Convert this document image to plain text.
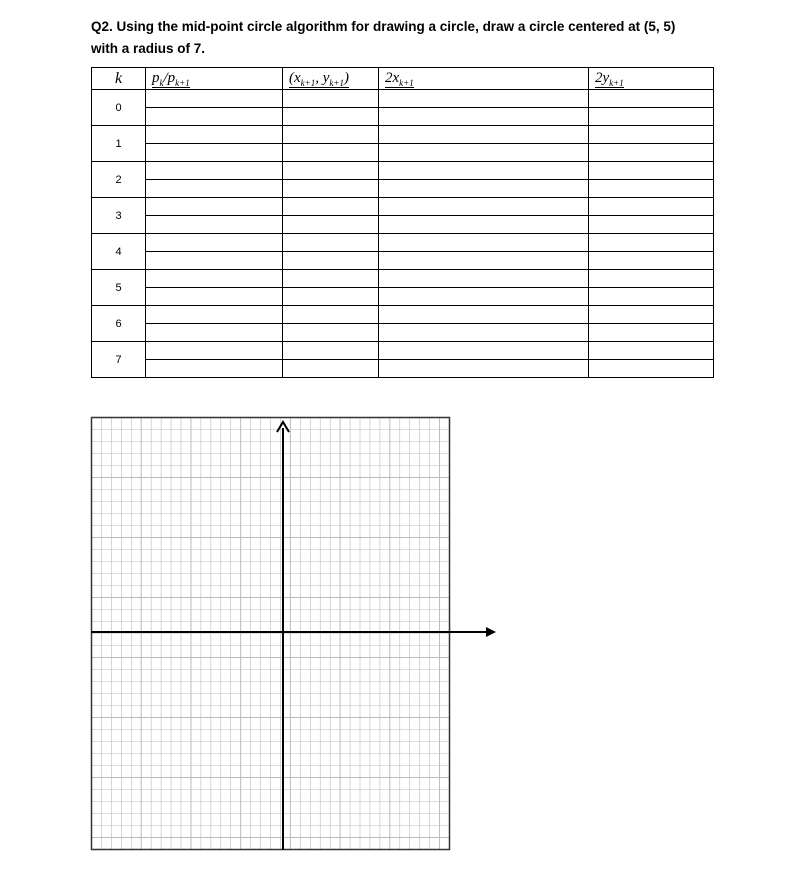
Q2. Using the mid-point circle algorithm for drawing a circle, draw a circle centered at (5, 5)
with a radius of 7.
k	$p_k/p_{k+1}$	($x_{k+1}$, $y_{k+1}$)	$2x_{k+1}$	$2y_{k+1}$
0				

1				

2				

3				

4				

5				

6				

7				
